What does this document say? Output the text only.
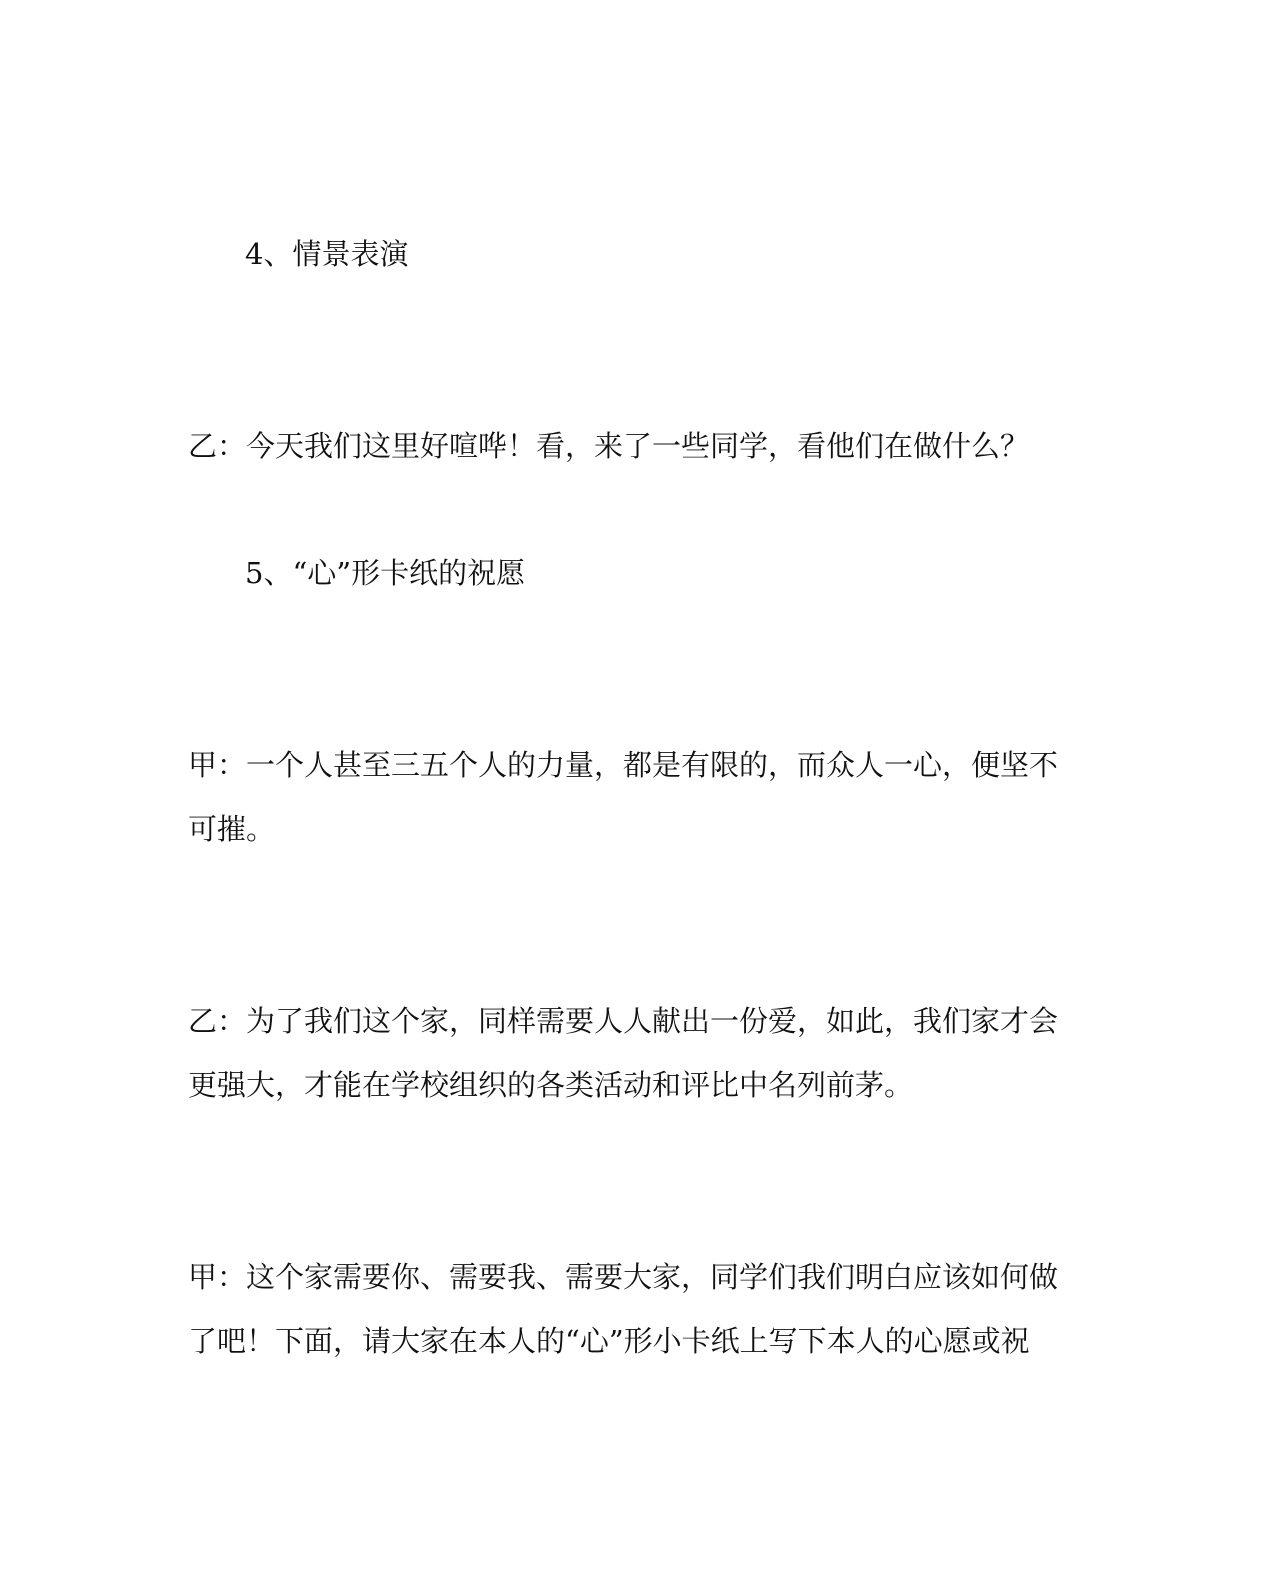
4、情景表演
乙：今天我们这里好喧哗！看，来了一些同学，看他们在做什么？
5、“心”形卡纸的祝愿
甲：一个人甚至三五个人的力量，都是有限的，而众人一心，便坚不
可摧。
乙：为了我们这个家，同样需要人人献出一份爱，如此，我们家才会
更强大，才能在学校组织的各类活动和评比中名列前茅。
甲：这个家需要你、需要我、需要大家，同学们我们明白应该如何做
了吧！下面，请大家在本人的“心”形小卡纸上写下本人的心愿或祝
